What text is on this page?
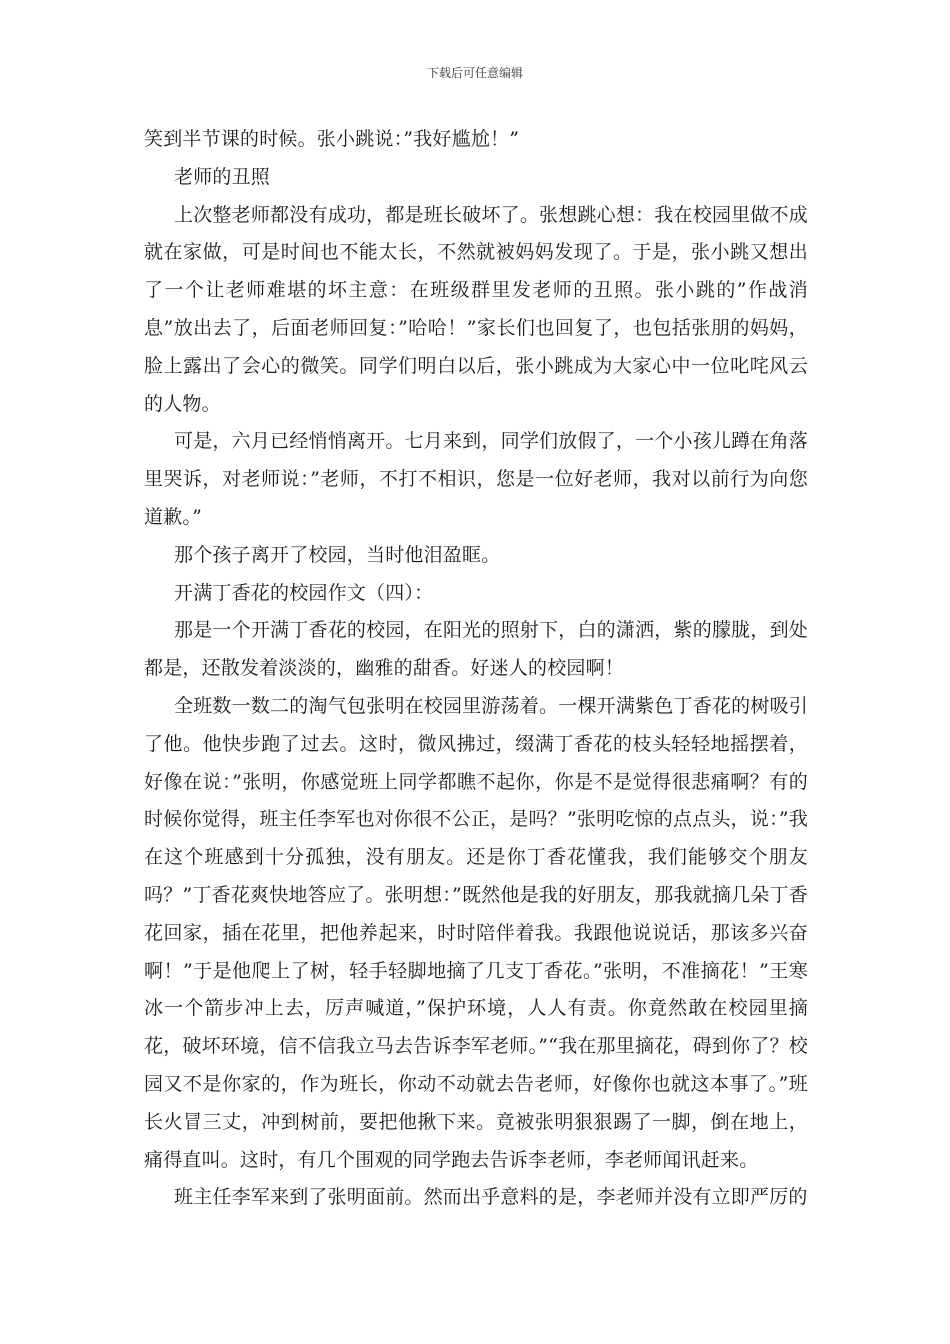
下载后可任意编辑

笑到半节课的时候。张小跳说：”我好尴尬！”

老师的丑照

上次整老师都没有成功，都是班长破坏了。张想跳心想：我在校园里做不成就在家做，可是时间也不能太长，不然就被妈妈发现了。于是，张小跳又想出了一个让老师难堪的坏主意：在班级群里发老师的丑照。张小跳的”作战消息”放出去了，后面老师回复：”哈哈！”家长们也回复了，也包括张朋的妈妈，脸上露出了会心的微笑。同学们明白以后，张小跳成为大家心中一位叱咤风云的人物。

可是，六月已经悄悄离开。七月来到，同学们放假了，一个小孩儿蹲在角落里哭诉，对老师说：”老师，不打不相识，您是一位好老师，我对以前行为向您道歉。”

那个孩子离开了校园，当时他泪盈眶。

开满丁香花的校园作文（四）：

那是一个开满丁香花的校园，在阳光的照射下，白的潇洒，紫的朦胧，到处都是，还散发着淡淡的，幽雅的甜香。好迷人的校园啊！

全班数一数二的淘气包张明在校园里游荡着。一棵开满紫色丁香花的树吸引了他。他快步跑了过去。这时，微风拂过，缀满丁香花的枝头轻轻地摇摆着，好像在说：”张明，你感觉班上同学都瞧不起你，你是不是觉得很悲痛啊？有的时候你觉得，班主任李军也对你很不公正，是吗？”张明吃惊的点点头，说：”我在这个班感到十分孤独，没有朋友。还是你丁香花懂我，我们能够交个朋友吗？”丁香花爽快地答应了。张明想：”既然他是我的好朋友，那我就摘几朵丁香花回家，插在花里，把他养起来，时时陪伴着我。我跟他说说话，那该多兴奋啊！”于是他爬上了树，轻手轻脚地摘了几支丁香花。”张明，不准摘花！”王寒冰一个箭步冲上去，厉声喊道，”保护环境，人人有责。你竟然敢在校园里摘花，破坏环境，信不信我立马去告诉李军老师。”“我在那里摘花，碍到你了？校园又不是你家的，作为班长，你动不动就去告老师，好像你也就这本事了。”班长火冒三丈，冲到树前，要把他揪下来。竟被张明狠狠踢了一脚，倒在地上，痛得直叫。这时，有几个围观的同学跑去告诉李老师，李老师闻讯赶来。

班主任李军来到了张明面前。然而出乎意料的是，李老师并没有立即严厉的
